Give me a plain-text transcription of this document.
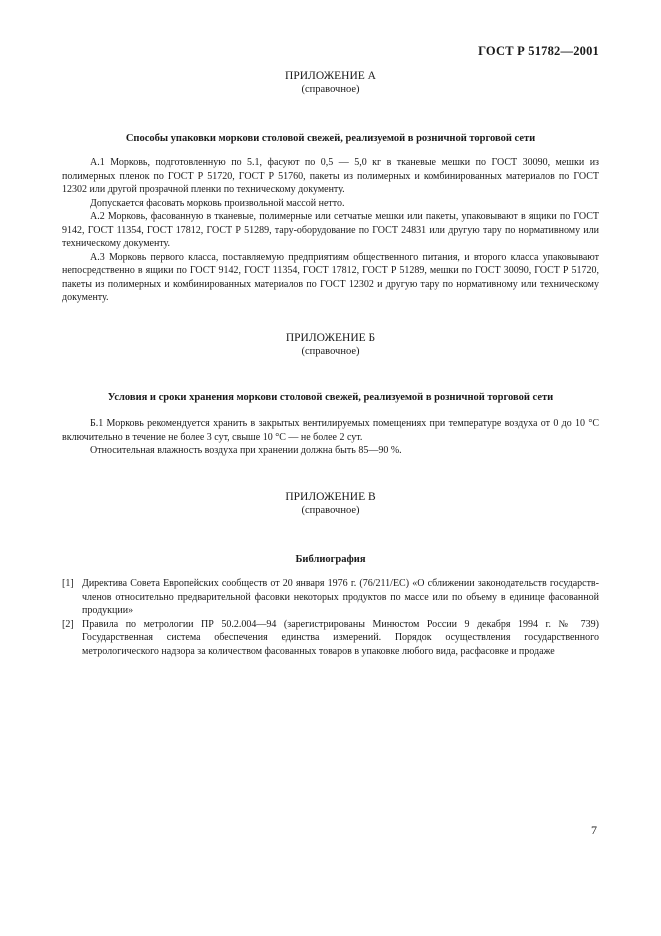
ГОСТ Р 51782—2001
ПРИЛОЖЕНИЕ А
(справочное)
Способы упаковки моркови столовой свежей, реализуемой в розничной торговой сети

А.1 Морковь, подготовленную по 5.1, фасуют по 0,5 — 5,0 кг в тканевые мешки по ГОСТ 30090, мешки из полимерных пленок по ГОСТ Р 51720, ГОСТ Р 51760, пакеты из полимерных и комбинированных материалов по ГОСТ 12302 или другой прозрачной пленки по техническому документу.

Допускается фасовать морковь произвольной массой нетто.

А.2 Морковь, фасованную в тканевые, полимерные или сетчатые мешки или пакеты, упаковывают в ящики по ГОСТ 9142, ГОСТ 11354, ГОСТ 17812, ГОСТ Р 51289, тару-оборудование по ГОСТ 24831 или другую тару по нормативному или техническому документу.

А.3 Морковь первого класса, поставляемую предприятиям общественного питания, и второго класса упаковывают непосредственно в ящики по ГОСТ 9142, ГОСТ 11354, ГОСТ 17812, ГОСТ Р 51289, мешки по ГОСТ 30090, ГОСТ Р 51720, пакеты из полимерных и комбинированных материалов по ГОСТ 12302 и другую тару по нормативному или техническому документу.

ПРИЛОЖЕНИЕ Б
(справочное)
Условия и сроки хранения моркови столовой свежей, реализуемой в розничной торговой сети

Б.1 Морковь рекомендуется хранить в закрытых вентилируемых помещениях при температуре воздуха от 0 до 10 °С включительно в течение не более 3 сут, свыше 10 °С — не более 2 сут.

Относительная влажность воздуха при хранении должна быть 85—90 %.

ПРИЛОЖЕНИЕ В
(справочное)
Библиография
[1] Директива Совета Европейских сообществ от 20 января 1976 г. (76/211/ЕС) «О сближении законодательств государств-членов относительно предварительной фасовки некоторых продуктов по массе или по объему в единице фасованной продукции»
[2] Правила по метрологии ПР 50.2.004—94 (зарегистрированы Минюстом России 9 декабря 1994 г. № 739) Государственная система обеспечения единства измерений. Порядок осуществления государственного метрологического надзора за количеством фасованных товаров в упаковке любого вида, расфасовке и продаже
7
